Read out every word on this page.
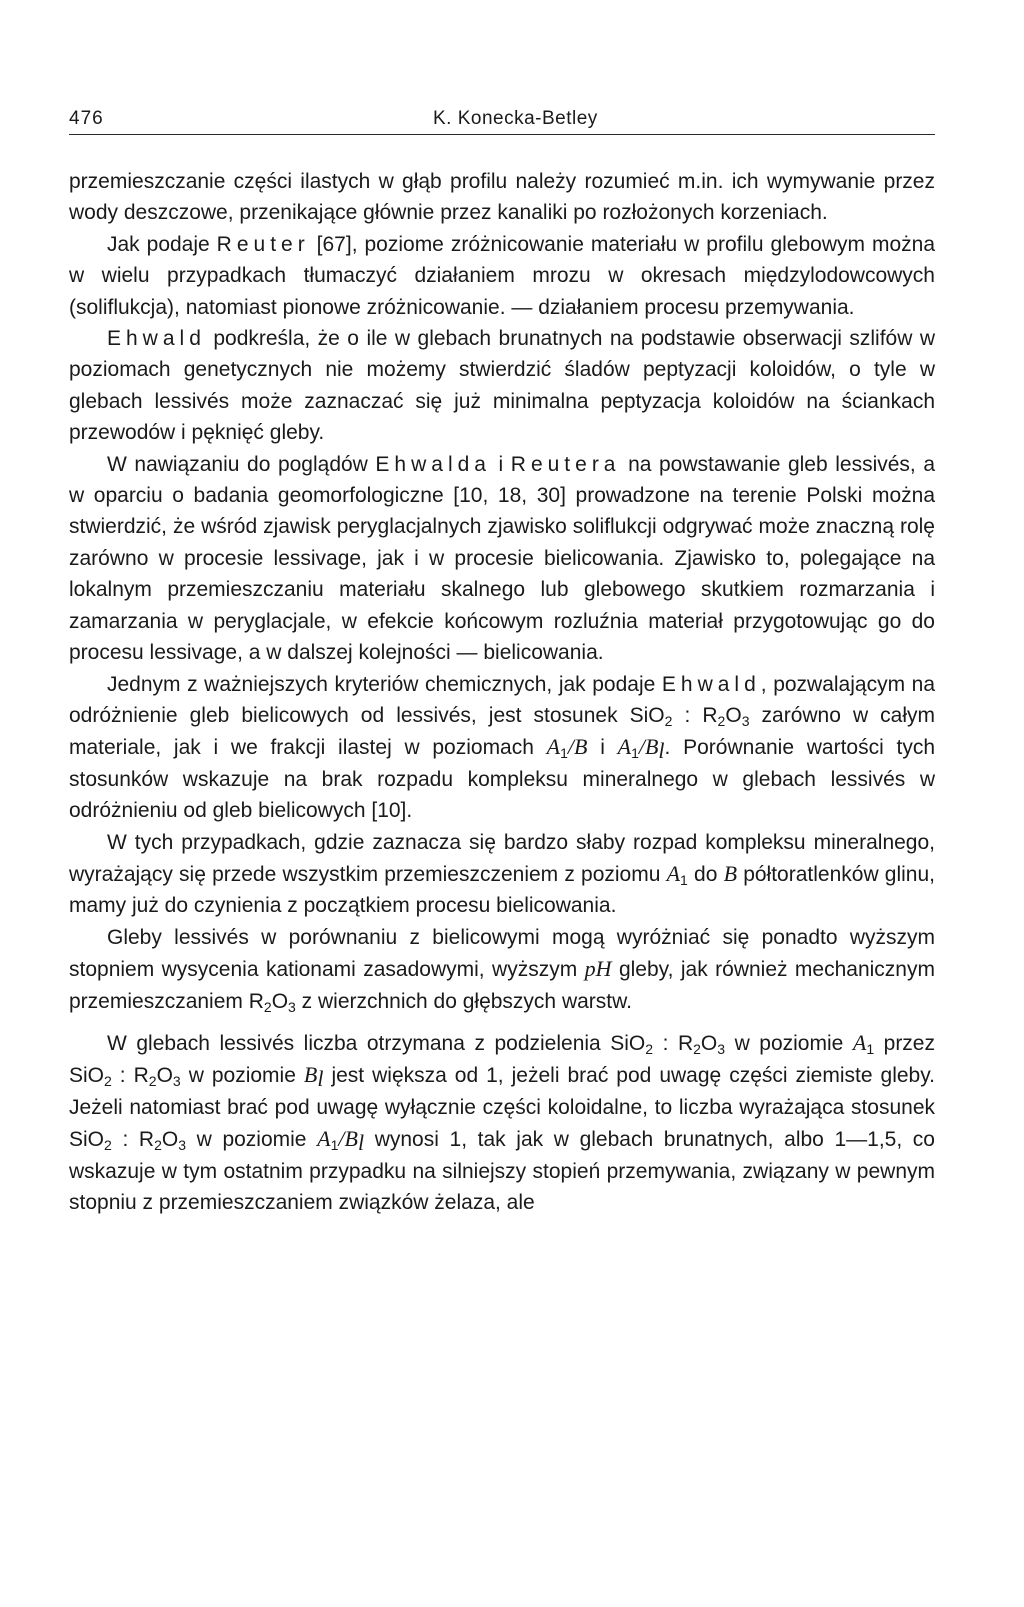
476	K. Konecka-Betley

przemieszczanie części ilastych w głąb profilu należy rozumieć m.in. ich wymywanie przez wody deszczowe, przenikające głównie przez kanaliki po rozłożonych korzeniach.

Jak podaje Reuter [67], poziome zróżnicowanie materiału w profilu glebowym można w wielu przypadkach tłumaczyć działaniem mrozu w okresach międzylodowcowych (soliflukcja), natomiast pionowe zróżnicowanie. — działaniem procesu przemywania.

Ehwald podkreśla, że o ile w glebach brunatnych na podstawie obserwacji szlifów w poziomach genetycznych nie możemy stwierdzić śladów peptyzacji koloidów, o tyle w glebach lessivés może zaznaczać się już minimalna peptyzacja koloidów na ściankach przewodów i pęknięć gleby.

W nawiązaniu do poglądów Ehwalda i Reutera na powstawanie gleb lessivés, a w oparciu o badania geomorfologiczne [10, 18, 30] prowadzone na terenie Polski można stwierdzić, że wśród zjawisk peryglacjalnych zjawisko soliflukcji odgrywać może znaczną rolę zarówno w procesie lessivage, jak i w procesie bielicowania. Zjawisko to, polegające na lokalnym przemieszczaniu materiału skalnego lub glebowego skutkiem rozmarzania i zamarzania w peryglacjale, w efekcie końcowym rozluźnia materiał przygotowując go do procesu lessivage, a w dalszej kolejności — bielicowania.

Jednym z ważniejszych kryteriów chemicznych, jak podaje Ehwald, pozwalającym na odróżnienie gleb bielicowych od lessivés, jest stosunek SiO$_2$ : $R_2O_3$ zarówno w całym materiale, jak i we frakcji ilastej w poziomach $A_1/B$ i $A_1/B_l$. Porównanie wartości tych stosunków wskazuje na brak rozpadu kompleksu mineralnego w glebach lessivés w odróżnieniu od gleb bielicowych [10].

W tych przypadkach, gdzie zaznacza się bardzo słaby rozpad kompleksu mineralnego, wyrażający się przede wszystkim przemieszczeniem z poziomu $A_1$ do B półtoratlenków glinu, mamy już do czynienia z początkiem procesu bielicowania.

Gleby lessivés w porównaniu z bielicowymi mogą wyróżniać się ponadto wyższym stopniem wysycenia kationami zasadowymi, wyższym pH gleby, jak również mechanicznym przemieszczaniem $R_2O_3$ z wierzchnich do głębszych warstw.

W glebach lessivés liczba otrzymana z podzielenia SiO$_2$ : $R_2O_3$ w poziomie $A_1$ przez SiO$_2$ : $R_2O_3$ w poziomie $B_l$ jest większa od 1, jeżeli brać pod uwagę części ziemiste gleby. Jeżeli natomiast brać pod uwagę wyłącznie części koloidalne, to liczba wyrażająca stosunek SiO$_2$ : $R_2O_3$ w poziomie $A_1/B_l$ wynosi 1, tak jak w glebach brunatnych, albo 1—1,5, co wskazuje w tym ostatnim przypadku na silniejszy stopień przemywania, związany w pewnym stopniu z przemieszczaniem związków żelaza, ale
